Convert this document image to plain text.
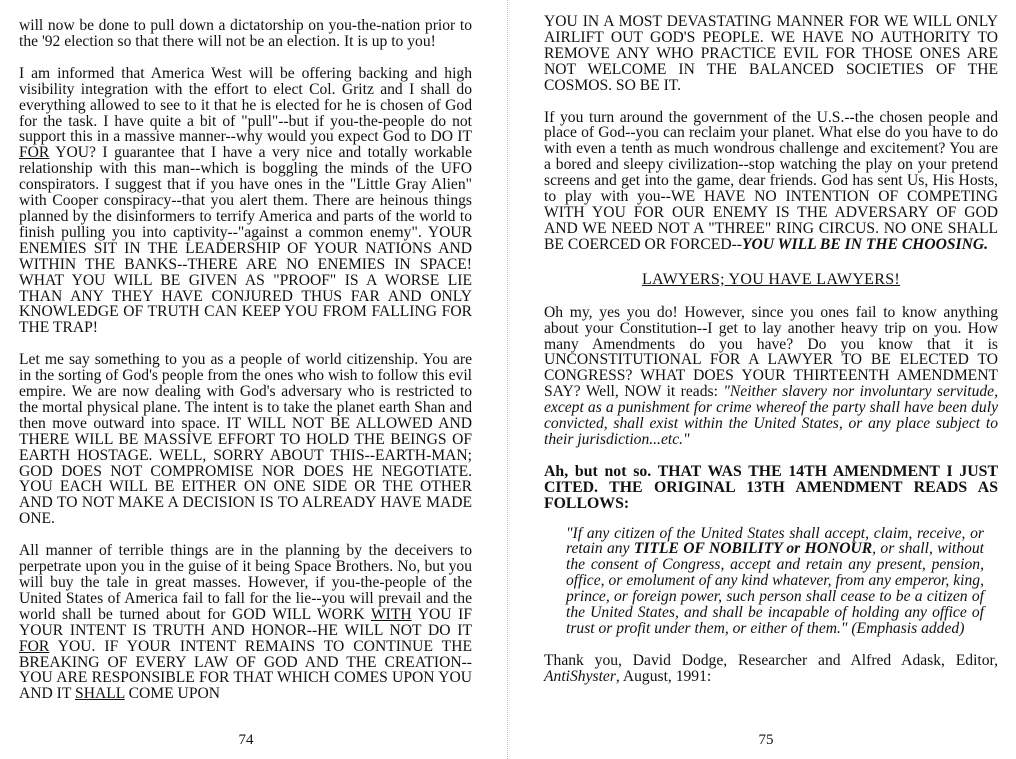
will now be done to pull down a dictatorship on you-the-nation prior to the '92 election so that there will not be an election. It is up to you!

I am informed that America West will be offering backing and high visibility integration with the effort to elect Col. Gritz and I shall do everything allowed to see to it that he is elected for he is chosen of God for the task. I have quite a bit of "pull"--but if you-the-people do not support this in a massive manner--why would you expect God to DO IT FOR YOU? I guarantee that I have a very nice and totally workable relationship with this man--which is boggling the minds of the UFO conspirators. I suggest that if you have ones in the "Little Gray Alien" with Cooper conspiracy--that you alert them. There are heinous things planned by the disinformers to terrify America and parts of the world to finish pulling you into captivity--"against a common enemy". YOUR ENEMIES SIT IN THE LEADERSHIP OF YOUR NATIONS AND WITHIN THE BANKS--THERE ARE NO ENEMIES IN SPACE! WHAT YOU WILL BE GIVEN AS "PROOF" IS A WORSE LIE THAN ANY THEY HAVE CONJURED THUS FAR AND ONLY KNOWLEDGE OF TRUTH CAN KEEP YOU FROM FALLING FOR THE TRAP!

Let me say something to you as a people of world citizenship. You are in the sorting of God's people from the ones who wish to follow this evil empire. We are now dealing with God's adversary who is restricted to the mortal physical plane. The intent is to take the planet earth Shan and then move outward into space. IT WILL NOT BE ALLOWED AND THERE WILL BE MASSIVE EFFORT TO HOLD THE BEINGS OF EARTH HOSTAGE. WELL, SORRY ABOUT THIS--EARTH-MAN; GOD DOES NOT COMPROMISE NOR DOES HE NEGOTIATE. YOU EACH WILL BE EITHER ON ONE SIDE OR THE OTHER AND TO NOT MAKE A DECISION IS TO ALREADY HAVE MADE ONE.

All manner of terrible things are in the planning by the deceivers to perpetrate upon you in the guise of it being Space Brothers. No, but you will buy the tale in great masses. However, if you-the-people of the United States of America fail to fall for the lie--you will prevail and the world shall be turned about for GOD WILL WORK WITH YOU IF YOUR INTENT IS TRUTH AND HONOR--HE WILL NOT DO IT FOR YOU. IF YOUR INTENT REMAINS TO CONTINUE THE BREAKING OF EVERY LAW OF GOD AND THE CREATION--YOU ARE RESPONSIBLE FOR THAT WHICH COMES UPON YOU AND IT SHALL COME UPON

YOU IN A MOST DEVASTATING MANNER FOR WE WILL ONLY AIRLIFT OUT GOD'S PEOPLE. WE HAVE NO AUTHORITY TO REMOVE ANY WHO PRACTICE EVIL FOR THOSE ONES ARE NOT WELCOME IN THE BALANCED SOCIETIES OF THE COSMOS. SO BE IT.

If you turn around the government of the U.S.--the chosen people and place of God--you can reclaim your planet. What else do you have to do with even a tenth as much wondrous challenge and excitement? You are a bored and sleepy civilization--stop watching the play on your pretend screens and get into the game, dear friends. God has sent Us, His Hosts, to play with you--WE HAVE NO INTENTION OF COMPETING WITH YOU FOR OUR ENEMY IS THE ADVERSARY OF GOD AND WE NEED NOT A "THREE" RING CIRCUS. NO ONE SHALL BE COERCED OR FORCED--YOU WILL BE IN THE CHOOSING.

LAWYERS; YOU HAVE LAWYERS!

Oh my, yes you do! However, since you ones fail to know anything about your Constitution--I get to lay another heavy trip on you. How many Amendments do you have? Do you know that it is UNCONSTITUTIONAL FOR A LAWYER TO BE ELECTED TO CONGRESS? WHAT DOES YOUR THIRTEENTH AMENDMENT SAY? Well, NOW it reads: "Neither slavery nor involuntary servitude, except as a punishment for crime whereof the party shall have been duly convicted, shall exist within the United States, or any place subject to their jurisdiction...etc."

Ah, but not so. THAT WAS THE 14TH AMENDMENT I JUST CITED. THE ORIGINAL 13TH AMENDMENT READS AS FOLLOWS:

"If any citizen of the United States shall accept, claim, receive, or retain any TITLE OF NOBILITY or HONOUR, or shall, without the consent of Congress, accept and retain any present, pension, office, or emolument of any kind whatever, from any emperor, king, prince, or foreign power, such person shall cease to be a citizen of the United States, and shall be incapable of holding any office of trust or profit under them, or either of them." (Emphasis added)

Thank you, David Dodge, Researcher and Alfred Adask, Editor, AntiShyster, August, 1991:

74	75
